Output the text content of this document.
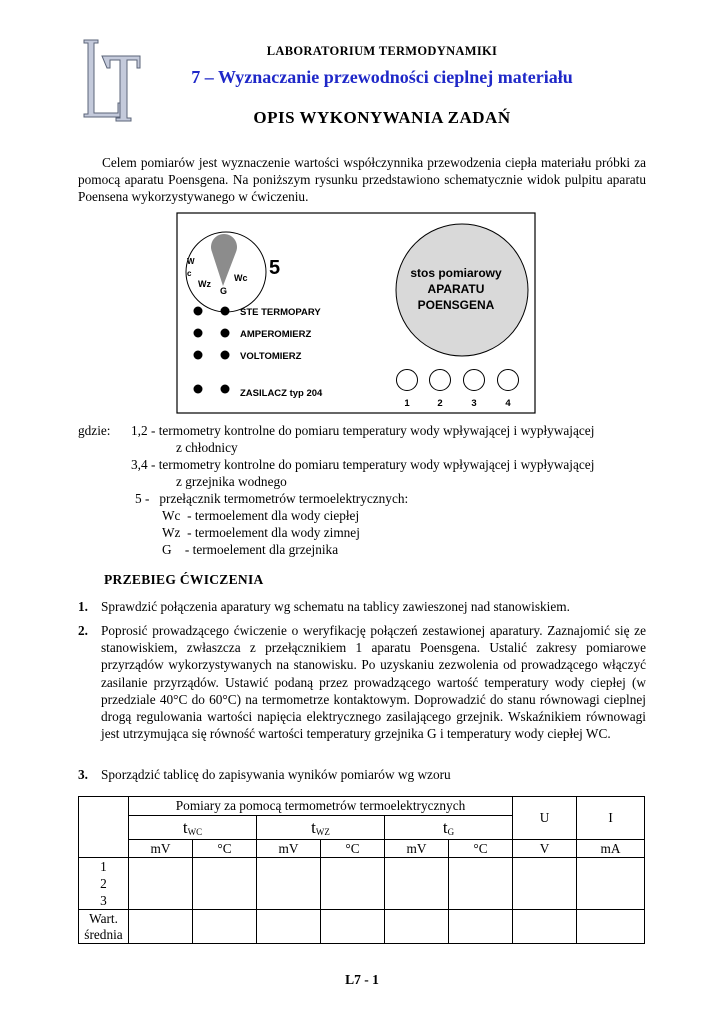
LABORATORIUM TERMODYNAMIKI
7 – Wyznaczanie przewodności cieplnej materiału
OPIS WYKONYWANIA ZADAŃ
Celem pomiarów jest wyznaczenie wartości współczynnika przewodzenia ciepła materiału próbki za pomocą aparatu Poensgena. Na poniższym rysunku przedstawiono schematycznie widok pulpitu aparatu Poensena wykorzystywanego w ćwiczeniu.
W
c
Wz
Wc
G
5
STE TERMOPARY
AMPEROMIERZ
VOLTOMIERZ
ZASILACZ typ 204
stos pomiarowy
APARATU
POENSGENA
1	2	3	4
gdzie: 1,2 - termometry kontrolne do pomiaru temperatury wody wpływającej i wypływającej
z chłodnicy
3,4 - termometry kontrolne do pomiaru temperatury wody wpływającej i wypływającej
z grzejnika wodnego
5 -   przełącznik termometrów termoelektrycznych:
Wc  - termoelement dla wody ciepłej
Wz  - termoelement dla wody zimnej
G    - termoelement dla grzejnika
PRZEBIEG ĆWICZENIA
1. Sprawdzić połączenia aparatury wg schematu na tablicy zawieszonej nad stanowiskiem.
2. Poprosić prowadzącego ćwiczenie o weryfikację połączeń zestawionej aparatury. Zaznajomić się ze stanowiskiem, zwłaszcza z przełącznikiem 1 aparatu Poensgena. Ustalić zakresy pomiarowe przyrządów wykorzystywanych na stanowisku. Po uzyskaniu zezwolenia od prowadzącego włączyć zasilanie przyrządów. Ustawić podaną przez prowadzącego wartość temperatury wody ciepłej (w przedziale 40°C do 60°C) na termometrze kontaktowym. Doprowadzić do stanu równowagi cieplnej drogą regulowania wartości napięcia elektrycznego zasilającego grzejnik. Wskaźnikiem równowagi jest utrzymująca się równość wartości temperatury grzejnika G i temperatury wody ciepłej WC.
3. Sporządzić tablicę do zapisywania wyników pomiarów wg wzoru
	Pomiary za pomocą termometrów termoelektrycznych						U	I
	$t_{WC}$		$t_{WZ}$		$t_G$
	mV	°C	mV	°C	mV	°C	V	mA

1
2
3								

Wart.
średnia								

L7 - 1
